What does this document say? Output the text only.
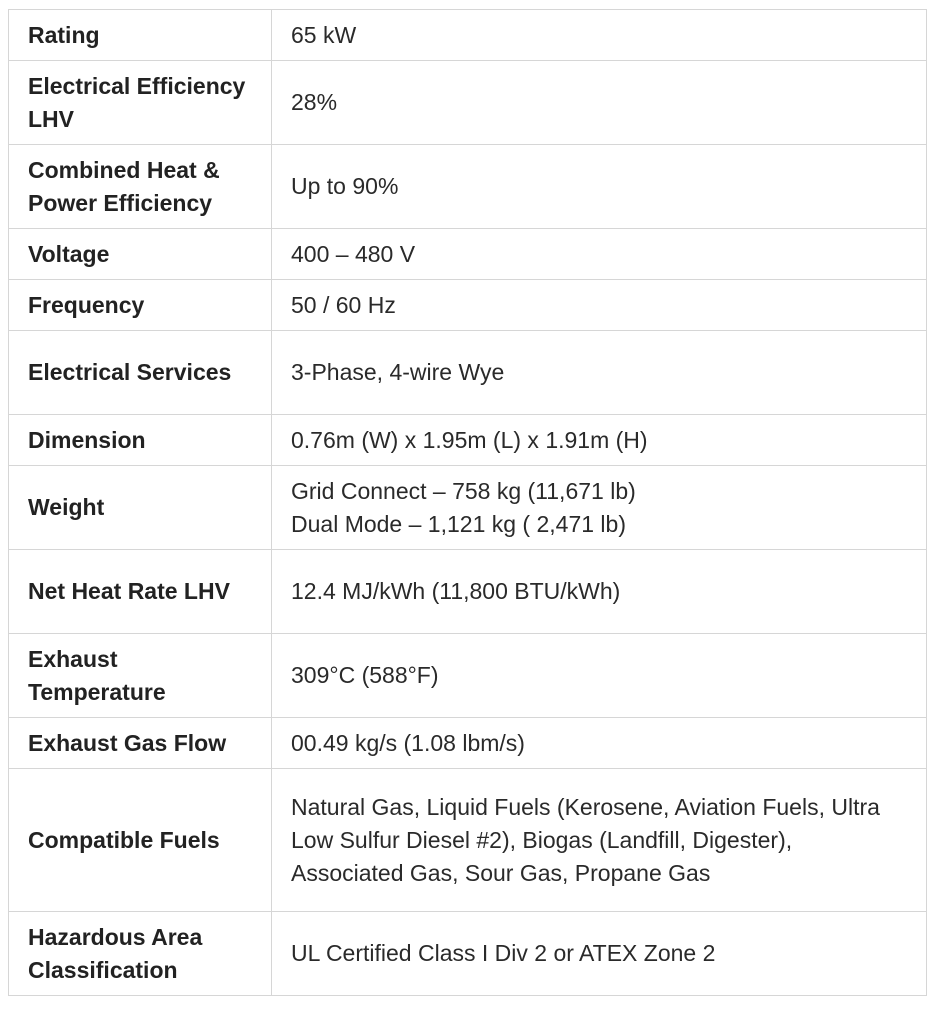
Rating	65 kW
Electrical Efficiency LHV	28%
Combined Heat & Power Efficiency	Up to 90%
Voltage	400 – 480 V
Frequency	50 / 60 Hz
Electrical Services	3-Phase, 4-wire Wye
Dimension	0.76m (W) x 1.95m (L) x 1.91m (H)
Weight	Grid Connect – 758 kg (11,671 lb)
Dual Mode – 1,121 kg ( 2,471 lb)

Net Heat Rate LHV	12.4 MJ/kWh (11,800 BTU/kWh)
Exhaust Temperature	309°C (588°F)
Exhaust Gas Flow	00.49 kg/s (1.08 lbm/s)
Compatible Fuels	Natural Gas, Liquid Fuels (Kerosene, Aviation Fuels, Ultra Low Sulfur Diesel #2), Biogas (Landfill, Digester), Associated Gas, Sour Gas, Propane Gas
Hazardous Area Classification	UL Certified Class I Div 2 or ATEX Zone 2
